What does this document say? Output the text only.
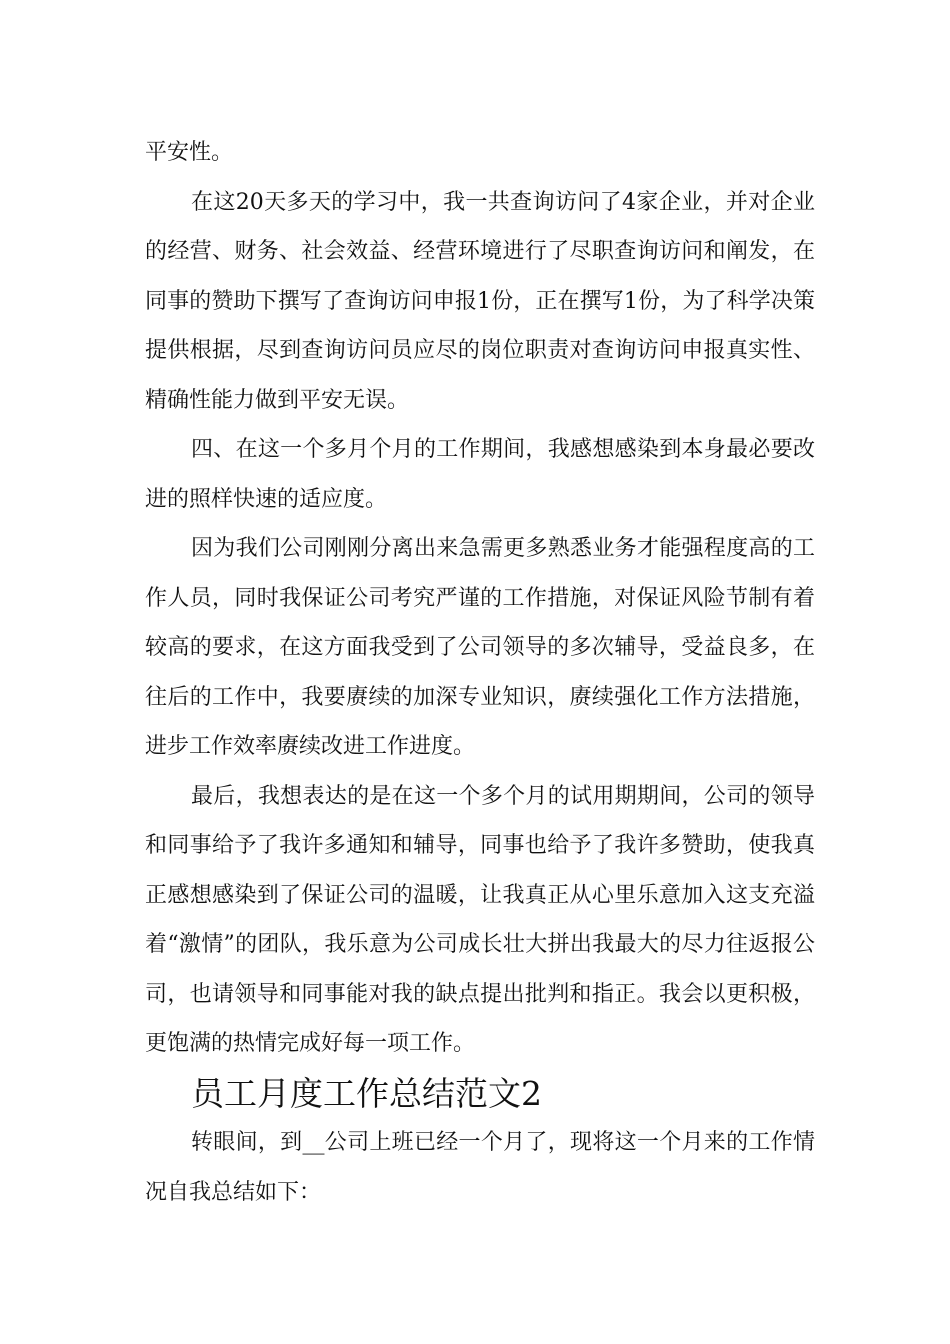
平安性。

在这20天多天的学习中，我一共查询访问了4家企业，并对企业的经营、财务、社会效益、经营环境进行了尽职查询访问和阐发，在同事的赞助下撰写了查询访问申报1份，正在撰写1份，为了科学决策提供根据，尽到查询访问员应尽的岗位职责对查询访问申报真实性、精确性能力做到平安无误。

四、在这一个多月个月的工作期间，我感想感染到本身最必要改进的照样快速的适应度。

因为我们公司刚刚分离出来急需更多熟悉业务才能强程度高的工作人员，同时我保证公司考究严谨的工作措施，对保证风险节制有着较高的要求，在这方面我受到了公司领导的多次辅导，受益良多，在往后的工作中，我要赓续的加深专业知识，赓续强化工作方法措施，进步工作效率赓续改进工作进度。

最后，我想表达的是在这一个多个月的试用期期间，公司的领导和同事给予了我许多通知和辅导，同事也给予了我许多赞助，使我真正感想感染到了保证公司的温暖，让我真正从心里乐意加入这支充溢着“激情”的团队，我乐意为公司成长壮大拼出我最大的尽力往返报公司，也请领导和同事能对我的缺点提出批判和指正。我会以更积极，更饱满的热情完成好每一项工作。

员工月度工作总结范文2

转眼间，到__公司上班已经一个月了，现将这一个月来的工作情况自我总结如下：
